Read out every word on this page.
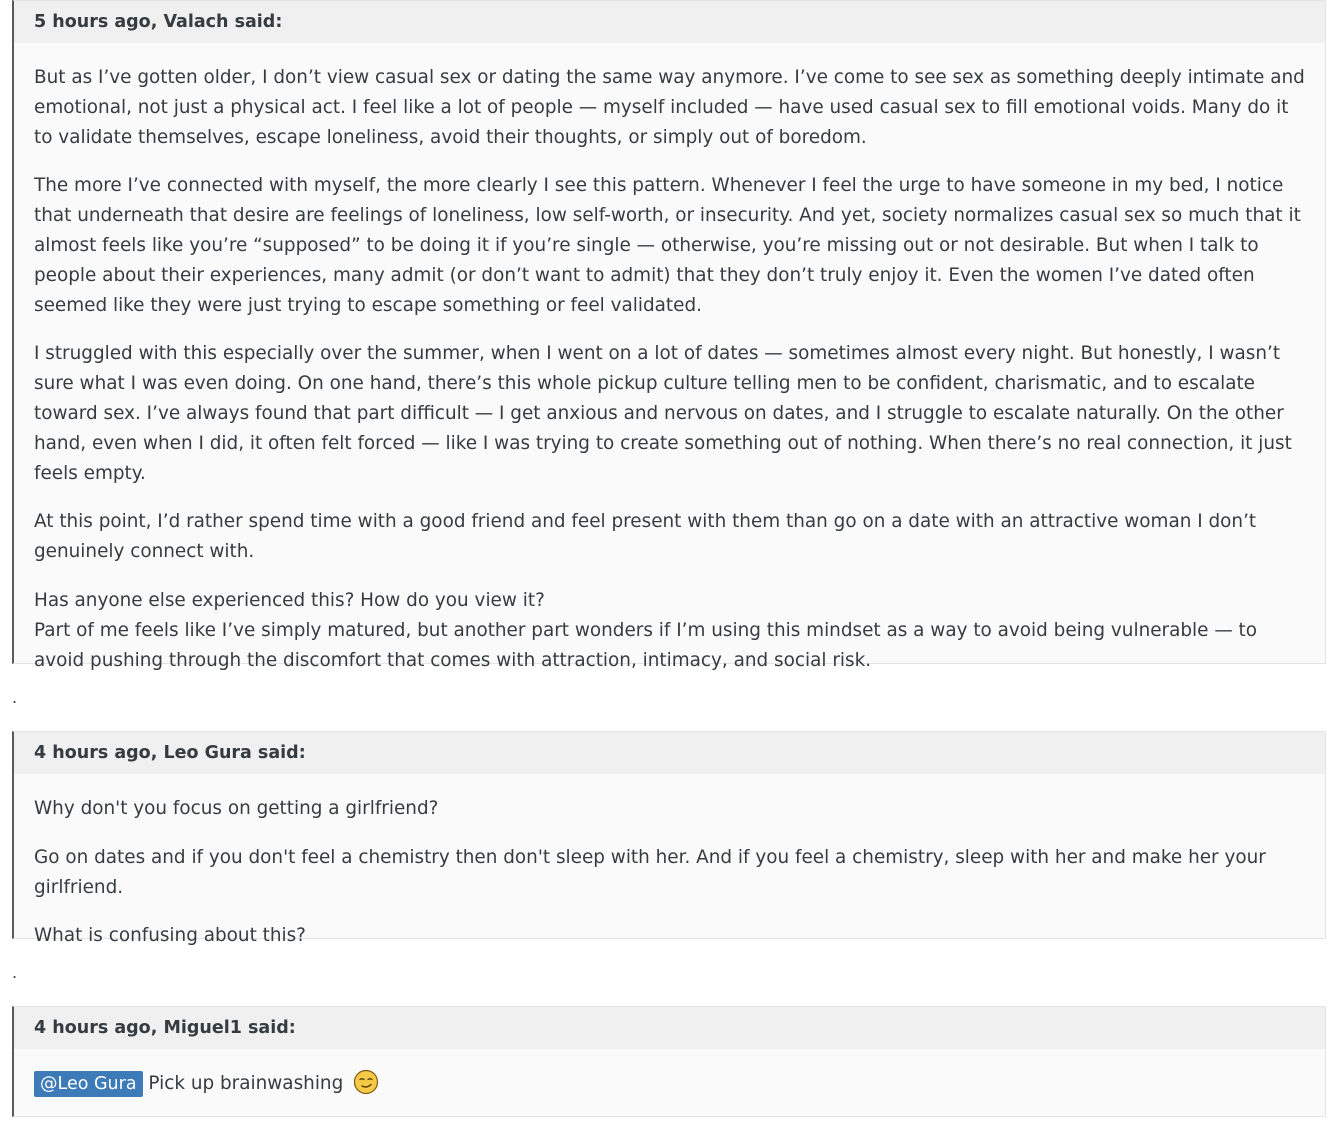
5 hours ago, Valach said:

But as I’ve gotten older, I don’t view casual sex or dating the same way anymore. I’ve come to see sex as something deeply intimate and emotional, not just a physical act. I feel like a lot of people — myself included — have used casual sex to fill emotional voids. Many do it to validate themselves, escape loneliness, avoid their thoughts, or simply out of boredom.

The more I’ve connected with myself, the more clearly I see this pattern. Whenever I feel the urge to have someone in my bed, I notice that underneath that desire are feelings of loneliness, low self-worth, or insecurity. And yet, society normalizes casual sex so much that it almost feels like you’re “supposed” to be doing it if you’re single — otherwise, you’re missing out or not desirable. But when I talk to people about their experiences, many admit (or don’t want to admit) that they don’t truly enjoy it. Even the women I’ve dated often seemed like they were just trying to escape something or feel validated.

I struggled with this especially over the summer, when I went on a lot of dates — sometimes almost every night. But honestly, I wasn’t sure what I was even doing. On one hand, there’s this whole pickup culture telling men to be confident, charismatic, and to escalate toward sex. I’ve always found that part difficult — I get anxious and nervous on dates, and I struggle to escalate naturally. On the other hand, even when I did, it often felt forced — like I was trying to create something out of nothing. When there’s no real connection, it just feels empty.

At this point, I’d rather spend time with a good friend and feel present with them than go on a date with an attractive woman I don’t genuinely connect with.

Has anyone else experienced this? How do you view it?
Part of me feels like I’ve simply matured, but another part wonders if I’m using this mindset as a way to avoid being vulnerable — to avoid pushing through the discomfort that comes with attraction, intimacy, and social risk.

.
4 hours ago, Leo Gura said:

Why don't you focus on getting a girlfriend?

Go on dates and if you don't feel a chemistry then don't sleep with her. And if you feel a chemistry, sleep with her and make her your girlfriend.

What is confusing about this?

.
4 hours ago, Miguel1 said:

@Leo Gura Pick up brainwashing
